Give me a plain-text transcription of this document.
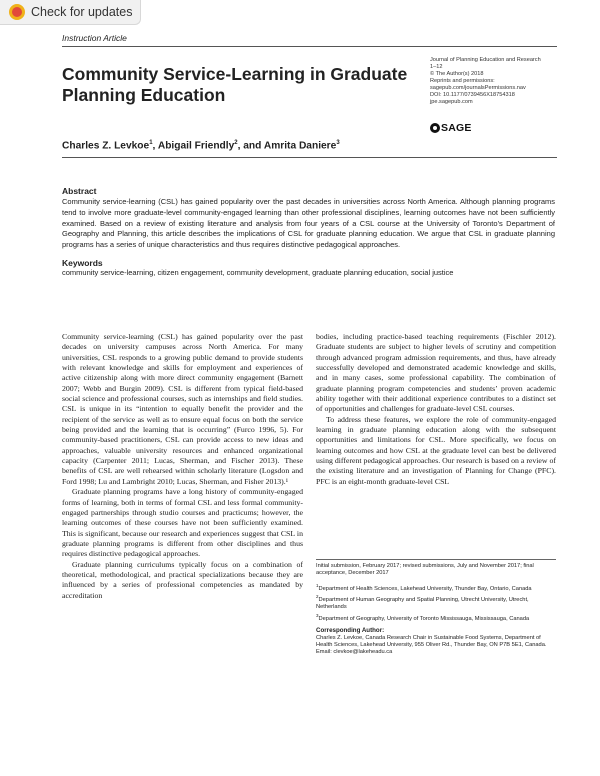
Check for updates
Instruction Article
Community Service-Learning in Graduate Planning Education
Journal of Planning Education and Research
1–12
© The Author(s) 2018
Reprints and permissions:
sagepub.com/journalsPermissions.nav
DOI: 10.1177/0739456X18754318
jpe.sagepub.com
SAGE
Charles Z. Levkoe$^1$, Abigail Friendly$^2$, and Amrita Daniere$^3$
Abstract
Community service-learning (CSL) has gained popularity over the past decades in universities across North America. Although planning programs tend to involve more graduate-level community-engaged learning than other professional disciplines, learning outcomes have not been sufficiently examined. Based on a review of existing literature and analysis from four years of a CSL course at the University of Toronto’s Department of Geography and Planning, this article describes the implications of CSL for graduate planning education. We argue that CSL in graduate planning programs has a series of unique characteristics and thus requires distinctive pedagogical approaches.
Keywords
community service-learning, citizen engagement, community development, graduate planning education, social justice

Community service-learning (CSL) has gained popularity over the past decades on university campuses across North America. For many universities, CSL responds to a growing public demand to provide students with relevant knowledge and skills for employment and experiences of active citizenship along with more direct community engagement (Barnett 2007; Webb and Burgin 2009). CSL is different from typical field-based social science and professional courses, such as internships and field studies. CSL is unique in its “intention to equally benefit the provider and the recipient of the service as well as to ensure equal focus on both the service being provided and the learning that is occurring” (Furco 1996, 5). For community-based practitioners, CSL can provide access to new ideas and approaches, valuable university resources and enhanced organizational capacity (Carpenter 2011; Lucas, Sherman, and Fischer 2013). These benefits of CSL are well rehearsed within scholarly literature (Logsdon and Ford 1998; Lu and Lambright 2010; Lucas, Sherman, and Fisher 2013).¹

Graduate planning programs have a long history of community-engaged forms of learning, both in terms of formal CSL and less formal community-engaged partnerships through studio courses and practicums; however, the learning outcomes of these courses have not been sufficiently examined. This is significant, because our research and experiences suggest that CSL in graduate planning programs is different from other disciplines and thus requires distinctive pedagogical approaches.

Graduate planning curriculums typically focus on a combination of theoretical, methodological, and practical specializations because they are influenced by a series of professional competencies as mandated by accreditation

bodies, including practice-based teaching requirements (Fischler 2012). Graduate students are subject to higher levels of scrutiny and competition through advanced program admission requirements, and thus, have already successfully developed and demonstrated academic knowledge and skills, and in many cases, some professional capability. The combination of graduate planning program competencies and students’ proven academic ability together with their additional experience contributes to a distinct set of opportunities and challenges for graduate-level CSL courses.

To address these features, we explore the role of community-engaged learning in graduate planning education along with the subsequent opportunities and limitations for CSL. More specifically, we focus on learning outcomes and how CSL at the graduate level can best be delivered using different pedagogical approaches. Our research is based on a review of the existing literature and an investigation of Planning for Change (PFC). PFC is an eight-month graduate-level CSL

Initial submission, February 2017; revised submissions, July and November 2017; final acceptance, December 2017
$^1$Department of Health Sciences, Lakehead University, Thunder Bay, Ontario, Canada
$^2$Department of Human Geography and Spatial Planning, Utrecht University, Utrecht, Netherlands
$^3$Department of Geography, University of Toronto Mississauga, Mississauga, Canada
Corresponding Author:
Charles Z. Levkoe, Canada Research Chair in Sustainable Food Systems, Department of Health Sciences, Lakehead University, 955 Oliver Rd., Thunder Bay, ON P7B 5E1, Canada.
Email: clevkoe@lakeheadu.ca
